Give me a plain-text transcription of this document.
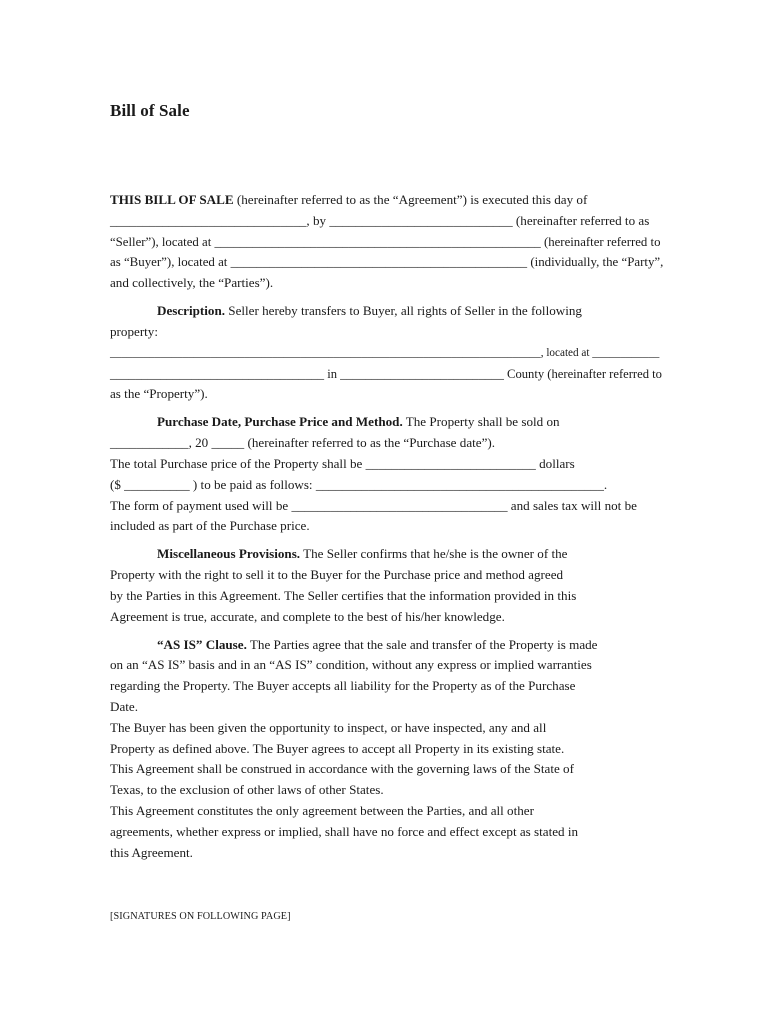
Bill of Sale
THIS BILL OF SALE (hereinafter referred to as the “Agreement”) is executed this day of
______________________________, by ____________________________ (hereinafter referred to as
“Seller”), located at ___________________________________________________ (hereinafter referred to
as “Buyer”), located at ______________________________________________ (individually, the “Party”,
and collectively, the “Parties”).
Description. Seller hereby transfers to Buyer, all rights of Seller in the following
property:
_____________________________________________________________________________, located at ____________
__________________________________ in __________________________ County (hereinafter referred to
as the “Property”).
Purchase Date, Purchase Price and Method. The Property shall be sold on
____________, 20 _____ (hereinafter referred to as the “Purchase date”).
The total Purchase price of the Property shall be __________________________ dollars
($ __________ ) to be paid as follows: ____________________________________________.
The form of payment used will be _________________________________ and sales tax will not be
included as part of the Purchase price.
Miscellaneous Provisions. The Seller confirms that he/she is the owner of the
Property with the right to sell it to the Buyer for the Purchase price and method agreed
by the Parties in this Agreement. The Seller certifies that the information provided in this
Agreement is true, accurate, and complete to the best of his/her knowledge.
“AS IS” Clause. The Parties agree that the sale and transfer of the Property is made
on an “AS IS” basis and in an “AS IS” condition, without any express or implied warranties
regarding the Property. The Buyer accepts all liability for the Property as of the Purchase
Date.
The Buyer has been given the opportunity to inspect, or have inspected, any and all
Property as defined above. The Buyer agrees to accept all Property in its existing state.
This Agreement shall be construed in accordance with the governing laws of the State of
Texas, to the exclusion of other laws of other States.
This Agreement constitutes the only agreement between the Parties, and all other
agreements, whether express or implied, shall have no force and effect except as stated in
this Agreement.
[SIGNATURES ON FOLLOWING PAGE]
